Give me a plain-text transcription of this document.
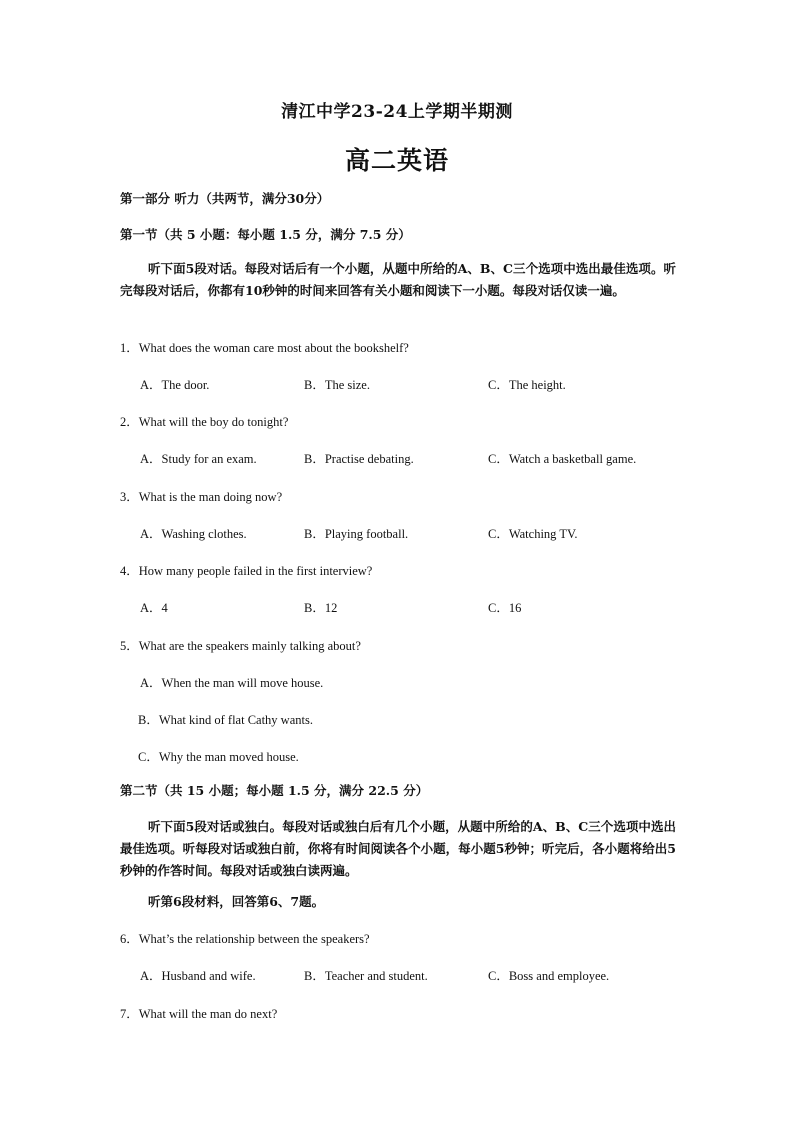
清江中学23-24上学期半期测
高二英语
第一部分 听力（共两节，满分30分）
第一节（共 5 小题：每小题 1.5 分，满分 7.5 分）
听下面5段对话。每段对话后有一个小题，从题中所给的A、B、C三个选项中选出最佳选项。听完每段对话后，你都有10秒钟的时间来回答有关小题和阅读下一小题。每段对话仅读一遍。
1．What does the woman care most about the bookshelf?
A．The door.	B．The size.	C．The height.
2．What will the boy do tonight?
A．Study for an exam.	B．Practise debating.	C．Watch a basketball game.
3．What is the man doing now?
A．Washing clothes.	B．Playing football.	C．Watching TV.
4．How many people failed in the first interview?
A．4	B．12	C．16
5．What are the speakers mainly talking about?
A．When the man will move house.
B．What kind of flat Cathy wants.
C．Why the man moved house.
第二节（共 15 小题；每小题 1.5 分，满分 22.5 分）
听下面5段对话或独白。每段对话或独白后有几个小题，从题中所给的A、B、C三个选项中选出最佳选项。听每段对话或独白前，你将有时间阅读各个小题，每小题5秒钟；听完后，各小题将给出5秒钟的作答时间。每段对话或独白读两遍。
听第6段材料，回答第6、7题。
6．What’s the relationship between the speakers?
A．Husband and wife.	B．Teacher and student.	C．Boss and employee.
7．What will the man do next?
